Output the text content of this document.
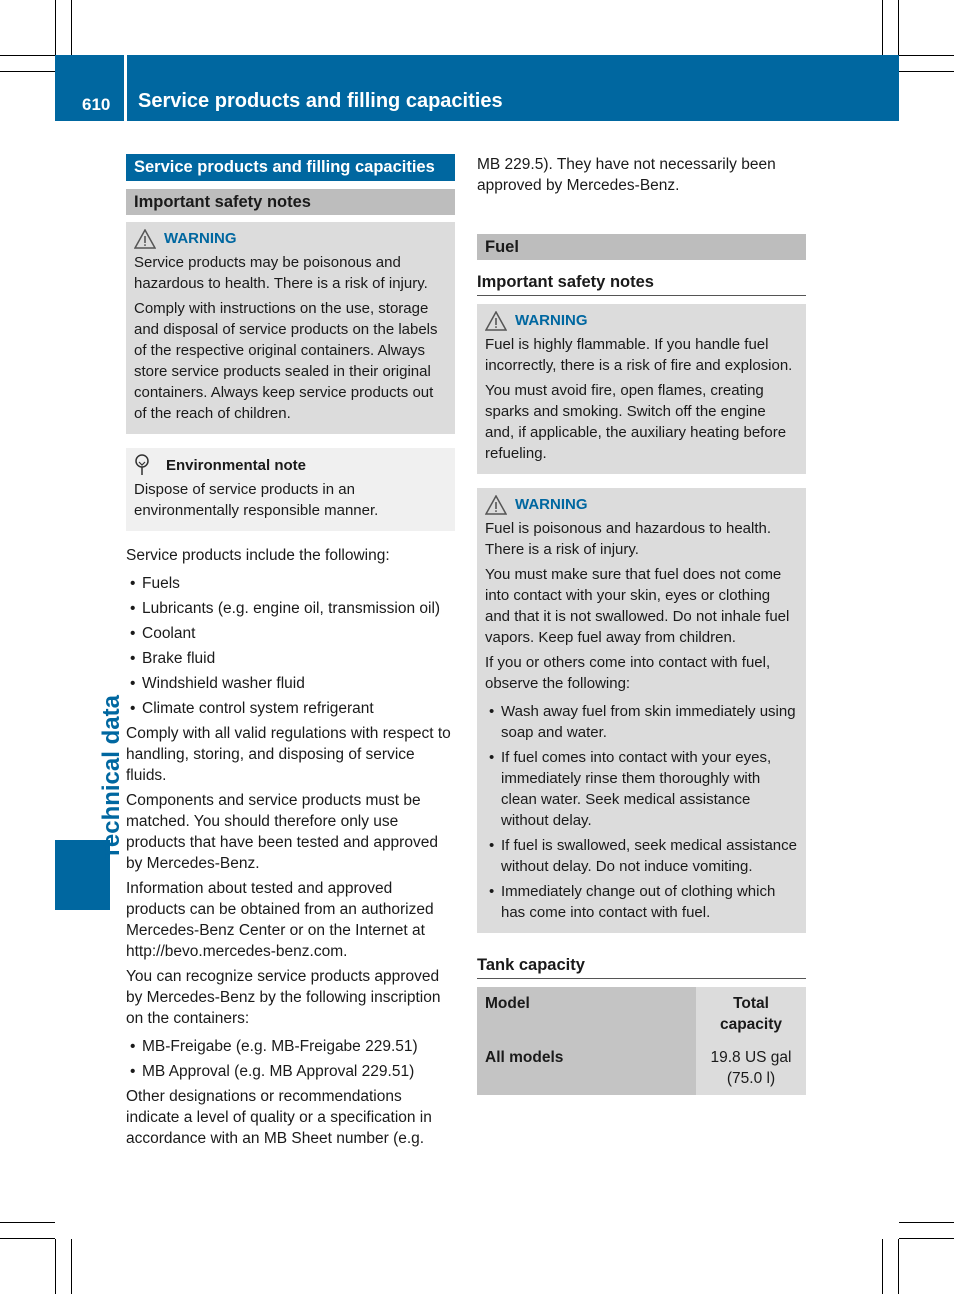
610 Service products and filling capacities
Technical data
Service products and filling capacities
Important safety notes
WARNING

Service products may be poisonous and hazardous to health. There is a risk of injury.

Comply with instructions on the use, storage and disposal of service products on the labels of the respective original containers. Always store service products sealed in their original containers. Always keep service products out of the reach of children.

Environmental note

Dispose of service products in an environmentally responsible manner.

Service products include the following:

• Fuels
• Lubricants (e.g. engine oil, transmission oil)
• Coolant
• Brake fluid
• Windshield washer fluid
• Climate control system refrigerant

Comply with all valid regulations with respect to handling, storing, and disposing of service fluids.

Components and service products must be matched. You should therefore only use products that have been tested and approved by Mercedes-Benz.

Information about tested and approved products can be obtained from an authorized Mercedes-Benz Center or on the Internet at http://bevo.mercedes-benz.com.

You can recognize service products approved by Mercedes-Benz by the following inscription on the containers:

• MB-Freigabe (e.g. MB-Freigabe 229.51)
• MB Approval (e.g. MB Approval 229.51)

Other designations or recommendations indicate a level of quality or a specification in accordance with an MB Sheet number (e.g.

MB 229.5). They have not necessarily been approved by Mercedes-Benz.

Fuel
Important safety notes
WARNING

Fuel is highly flammable. If you handle fuel incorrectly, there is a risk of fire and explosion.

You must avoid fire, open flames, creating sparks and smoking. Switch off the engine and, if applicable, the auxiliary heating before refueling.

WARNING

Fuel is poisonous and hazardous to health. There is a risk of injury.

You must make sure that fuel does not come into contact with your skin, eyes or clothing and that it is not swallowed. Do not inhale fuel vapors. Keep fuel away from children.

If you or others come into contact with fuel, observe the following:

• Wash away fuel from skin immediately using soap and water.
• If fuel comes into contact with your eyes, immediately rinse them thoroughly with clean water. Seek medical assistance without delay.
• If fuel is swallowed, seek medical assistance without delay. Do not induce vomiting.
• Immediately change out of clothing which has come into contact with fuel.
Tank capacity
Model	Total capacity
All models	19.8 US gal
(75.0 l)
